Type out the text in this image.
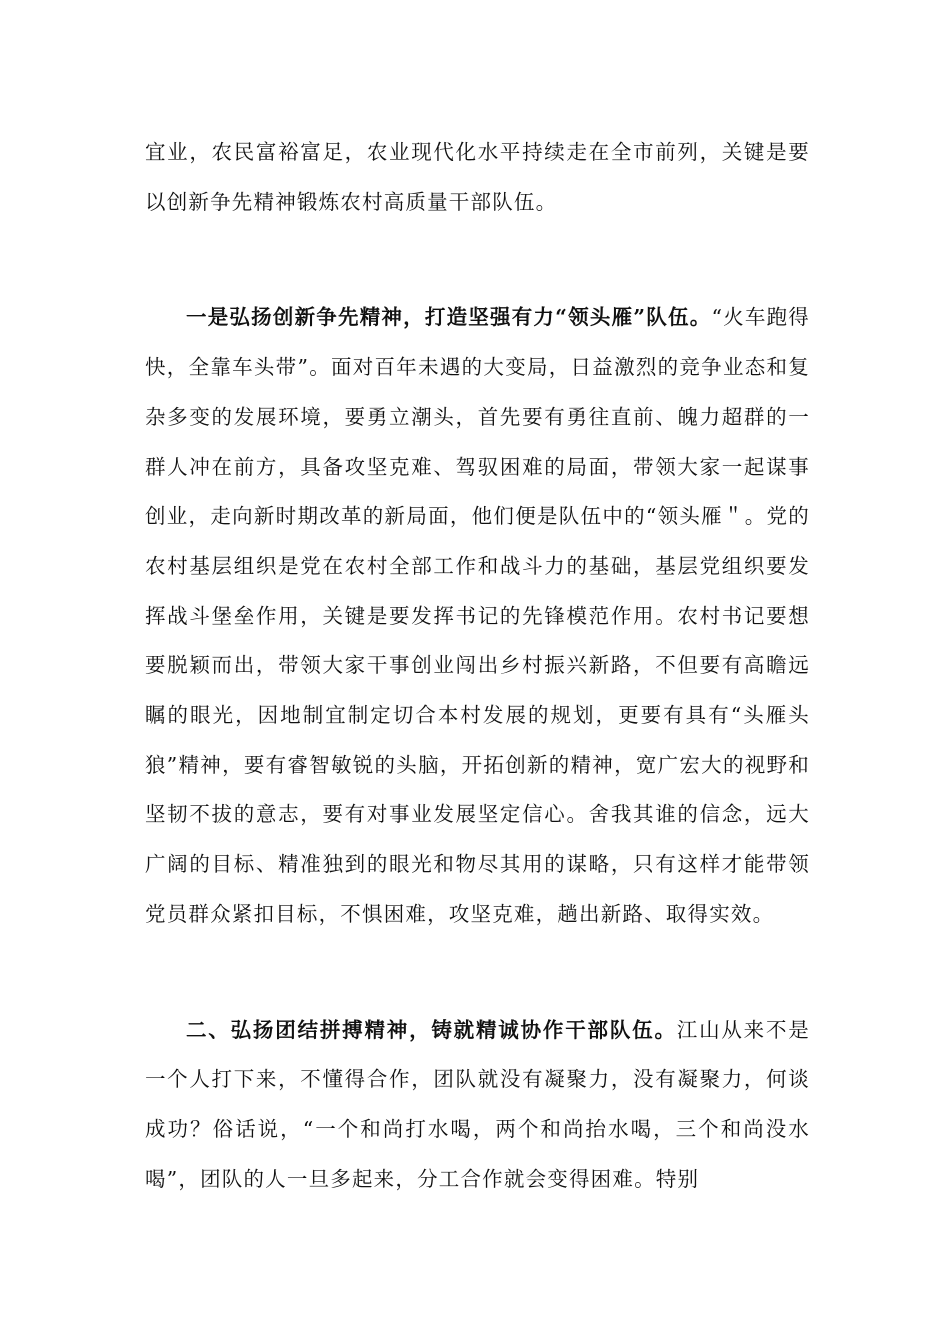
宜业，农民富裕富足，农业现代化水平持续走在全市前列，关键是要以创新争先精神锻炼农村高质量干部队伍。

一是弘扬创新争先精神，打造坚强有力“领头雁”队伍。“火车跑得快，全靠车头带”。面对百年未遇的大变局，日益激烈的竞争业态和复杂多变的发展环境，要勇立潮头，首先要有勇往直前、魄力超群的一群人冲在前方，具备攻坚克难、驾驭困难的局面，带领大家一起谋事创业，走向新时期改革的新局面，他们便是队伍中的“领头雁＂。党的农村基层组织是党在农村全部工作和战斗力的基础，基层党组织要发挥战斗堡垒作用，关键是要发挥书记的先锋模范作用。农村书记要想要脱颖而出，带领大家干事创业闯出乡村振兴新路，不但要有高瞻远瞩的眼光，因地制宜制定切合本村发展的规划，更要有具有“头雁头狼”精神，要有睿智敏锐的头脑，开拓创新的精神，宽广宏大的视野和坚韧不拔的意志，要有对事业发展坚定信心。舍我其谁的信念，远大广阔的目标、精准独到的眼光和物尽其用的谋略，只有这样才能带领党员群众紧扣目标，不惧困难，攻坚克难，趟出新路、取得实效。

二、弘扬团结拼搏精神，铸就精诚协作干部队伍。江山从来不是一个人打下来，不懂得合作，团队就没有凝聚力，没有凝聚力，何谈成功？俗话说，“一个和尚打水喝，两个和尚抬水喝，三个和尚没水喝”，团队的人一旦多起来，分工合作就会变得困难。特别
